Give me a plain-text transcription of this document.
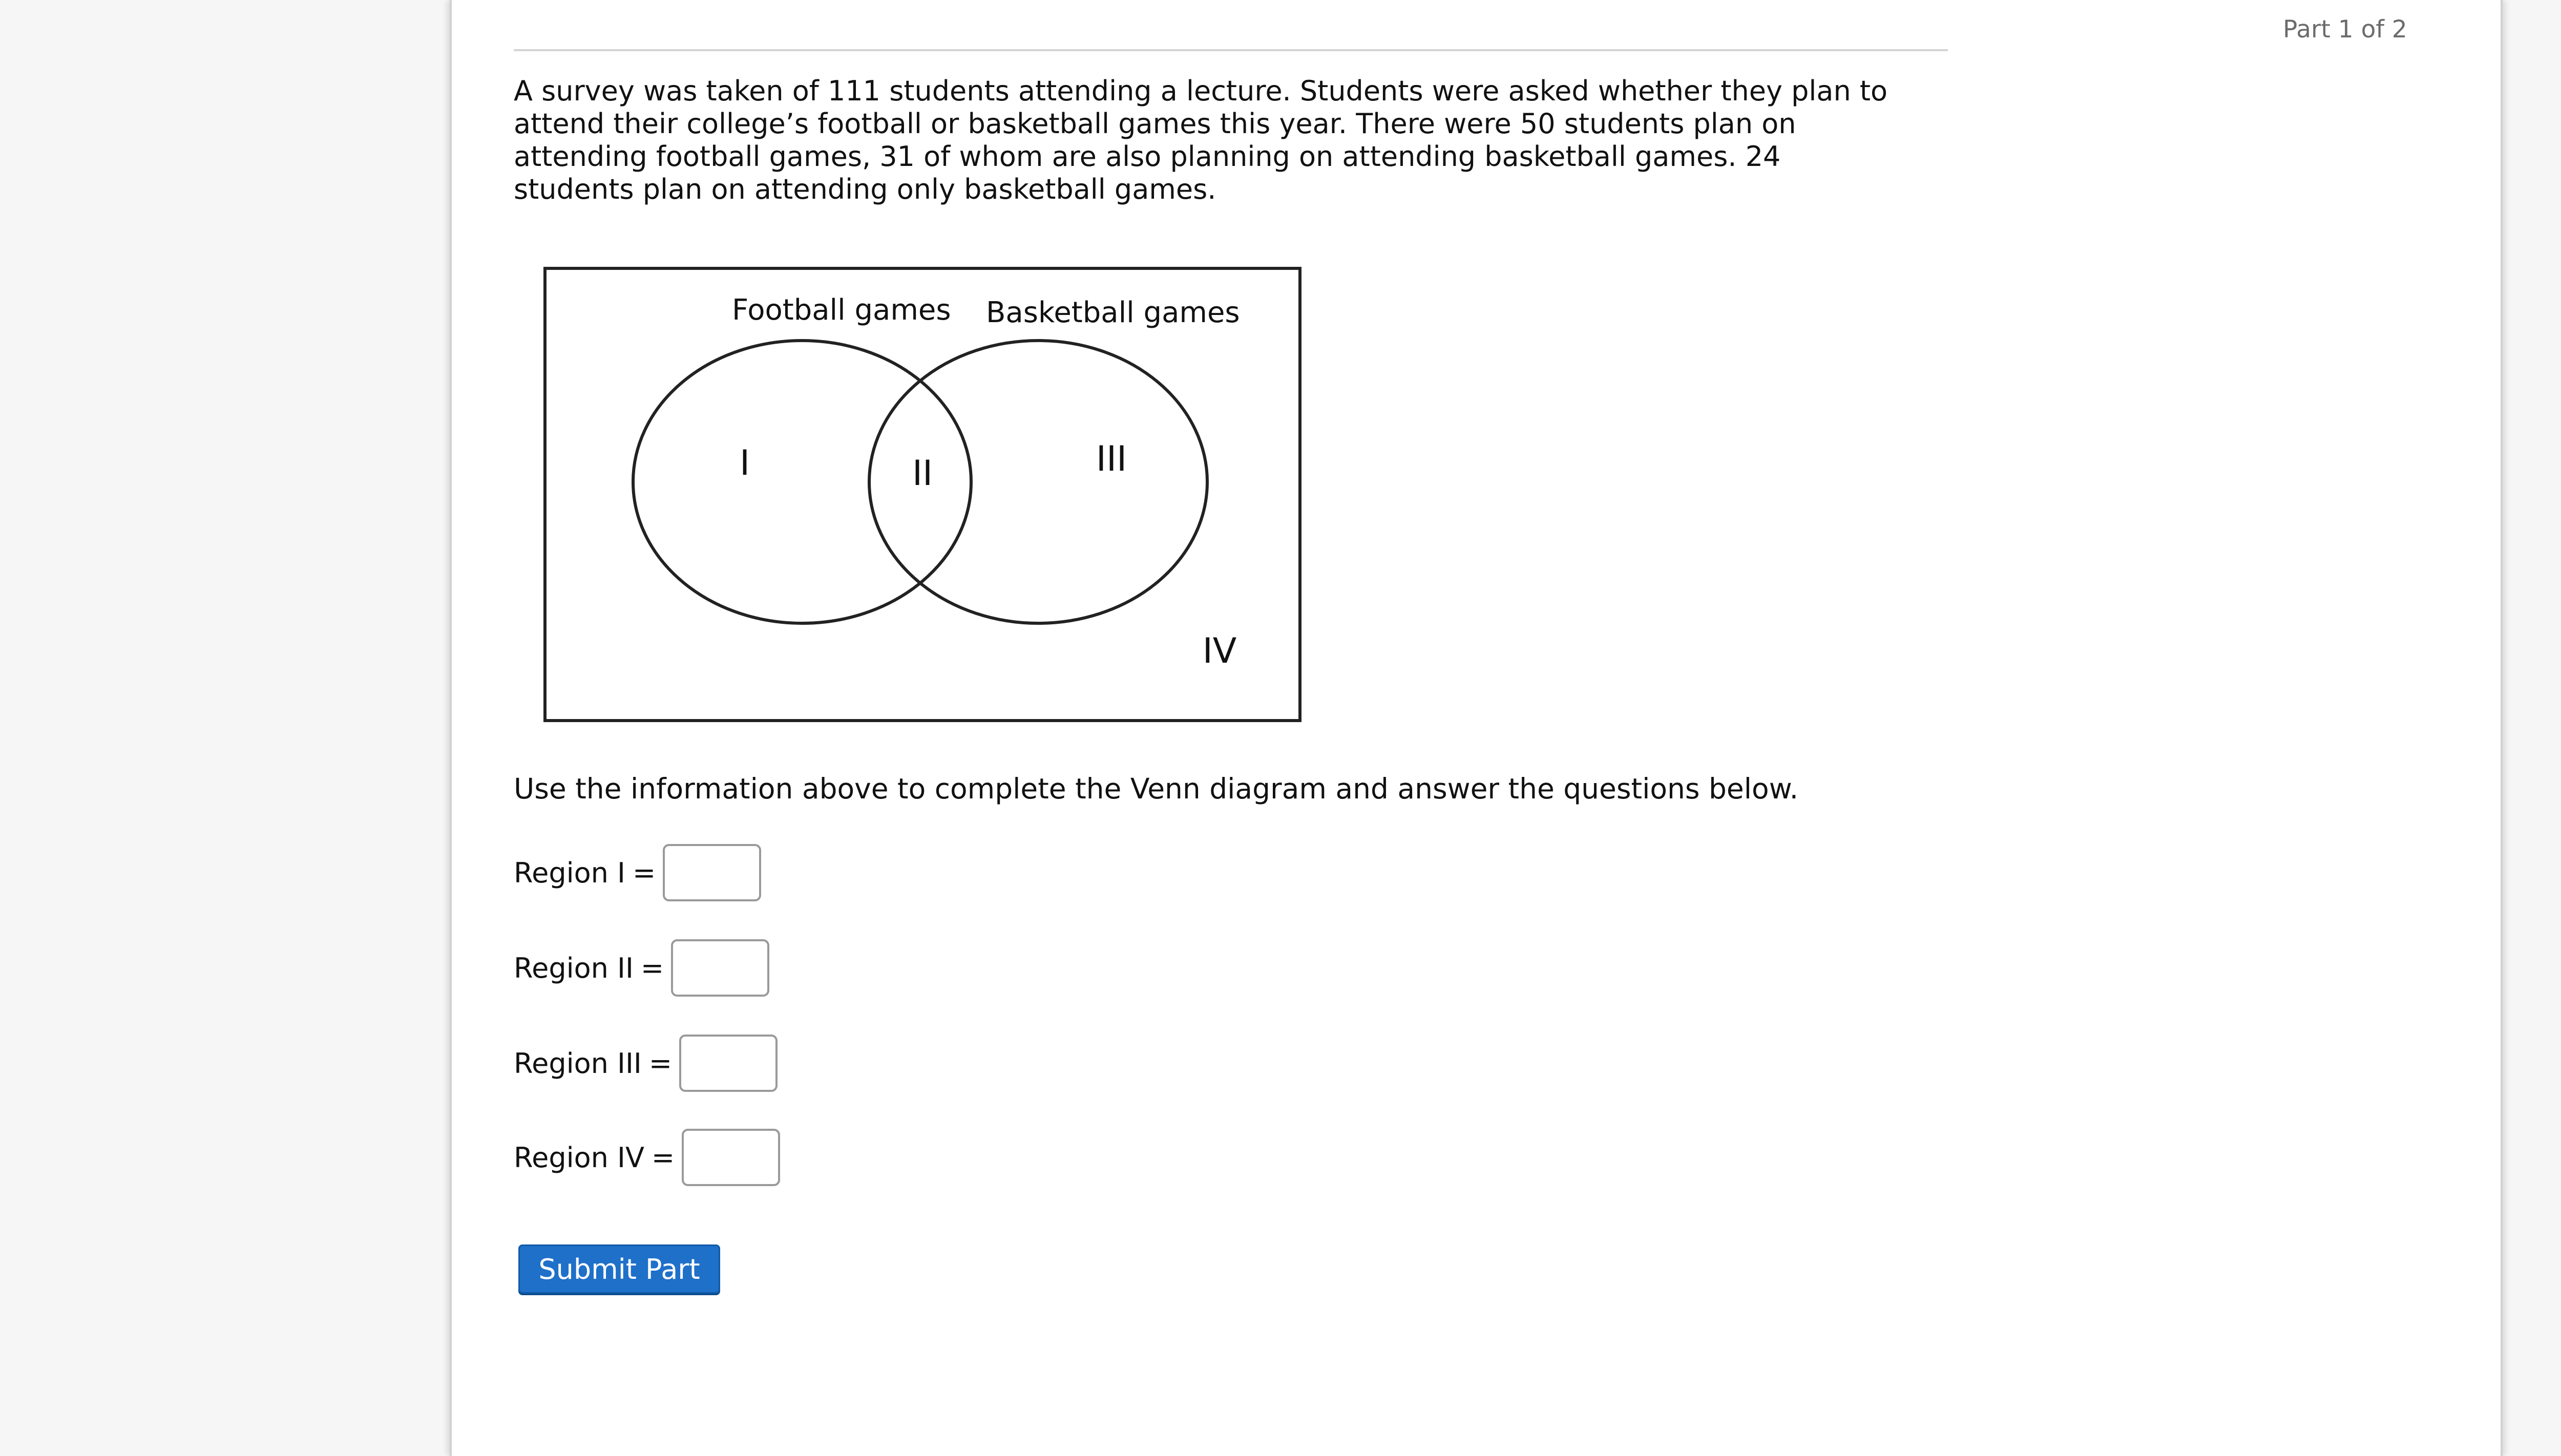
Part 1 of 2
A survey was taken of 111 students attending a lecture. Students were asked whether they plan to attend their college’s football or basketball games this year. There were 50 students plan on attending football games, 31 of whom are also planning on attending basketball games. 24 students plan on attending only basketball games.
Football games Basketball games
I	II	III
IV
Use the information above to complete the Venn diagram and answer the questions below.
Region I =
Region II =
Region III =
Region IV =
Submit Part
